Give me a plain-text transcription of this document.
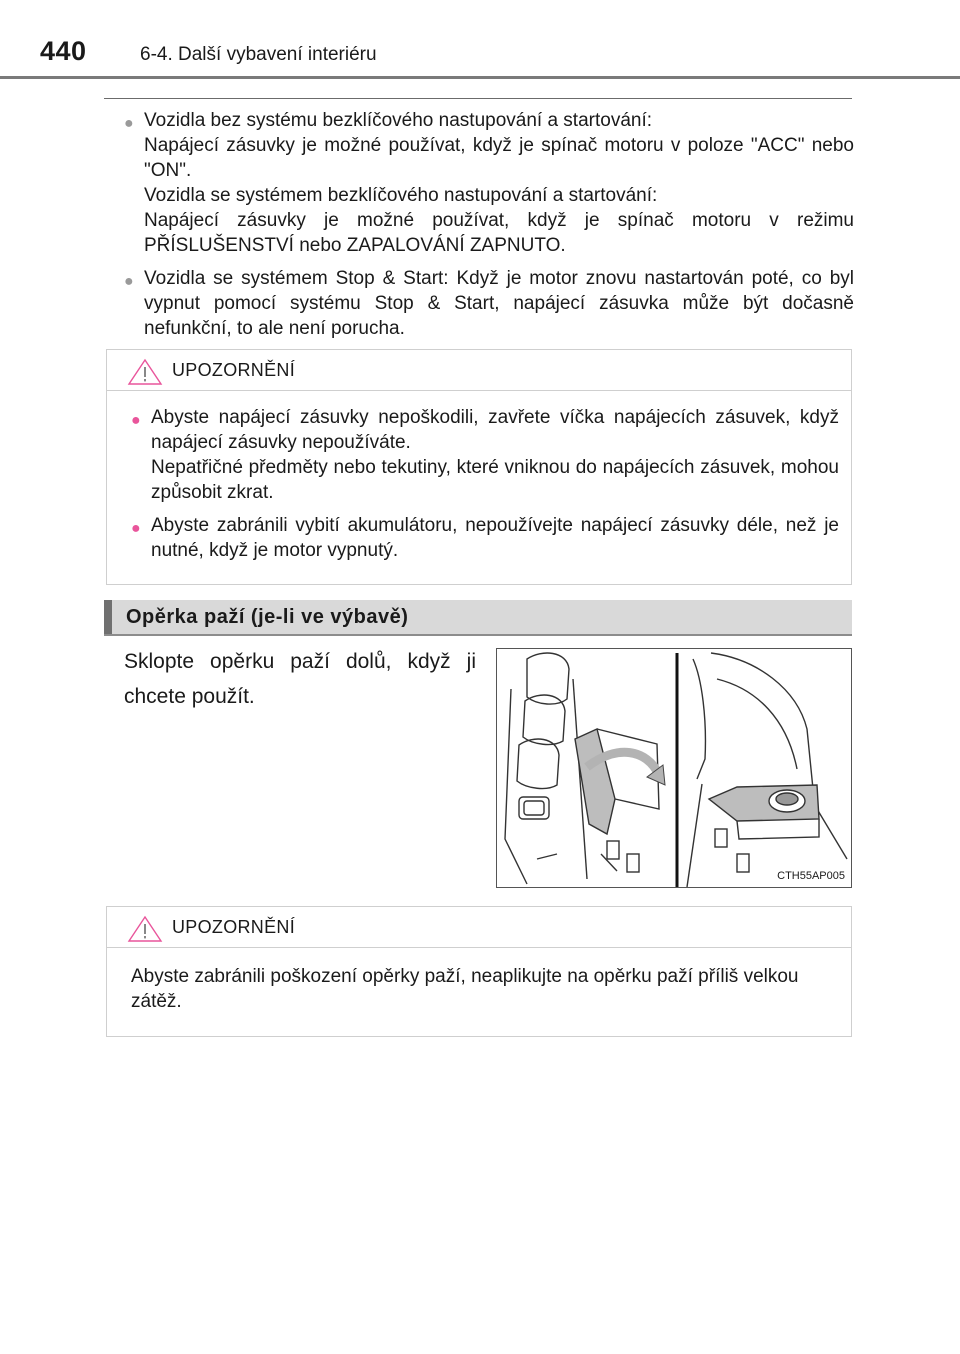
440	6-4. Další vybavení interiéru
● Vozidla bez systému bezklíčového nastupování a startování:

Napájecí zásuvky je možné používat, když je spínač motoru v poloze "ACC" nebo "ON".

Vozidla se systémem bezklíčového nastupování a startování:

Napájecí zásuvky je možné používat, když je spínač motoru v režimu PŘÍSLUŠENSTVÍ nebo ZAPALOVÁNÍ ZAPNUTO.

● Vozidla se systémem Stop & Start: Když je motor znovu nastartován poté, co byl vypnut pomocí systému Stop & Start, napájecí zásuvka může být dočasně nefunkční, to ale není porucha.

UPOZORNĚNÍ
● Abyste napájecí zásuvky nepoškodili, zavřete víčka napájecích zásuvek, když napájecí zásuvky nepoužíváte.

Nepatřičné předměty nebo tekutiny, které vniknou do napájecích zásuvek, mohou způsobit zkrat.

● Abyste zabránili vybití akumulátoru, nepoužívejte napájecí zásuvky déle, než je nutné, když je motor vypnutý.

Opěrka paží (je-li ve výbavě)
Sklopte opěrku paží dolů, když ji chcete použít.
CTH55AP005
UPOZORNĚNÍ
Abyste zabránili poškození opěrky paží, neaplikujte na opěrku paží příliš velkou zátěž.
